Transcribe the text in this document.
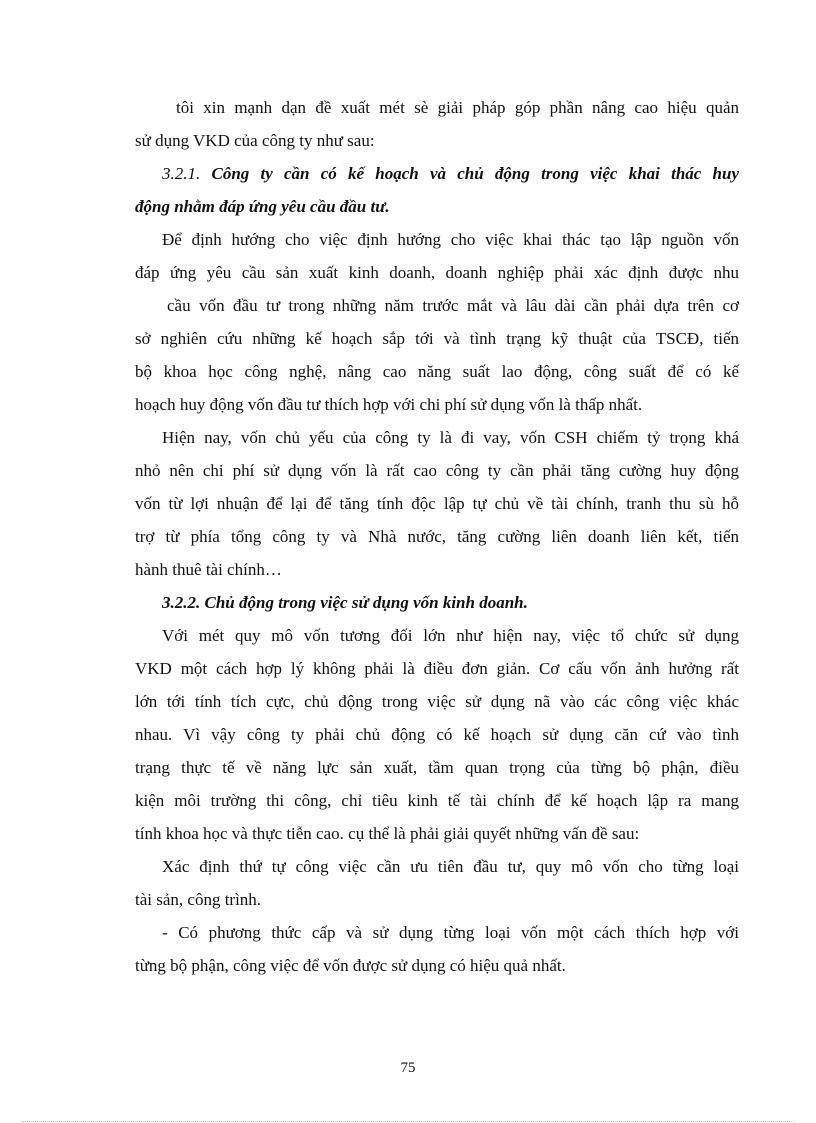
tôi xin mạnh dạn đề xuất mét sè giải pháp góp phần nâng cao hiệu quản
sử dụng VKD của công ty như sau:
3.2.1. Công ty cần có kế hoạch và chủ động trong việc khai thác huy
động nhằm đáp ứng yêu cầu đầu tư.
Để định hướng cho việc định hướng cho việc khai thác tạo lập nguồn vốn
đáp ứng yêu cầu sản xuất kinh doanh, doanh nghiệp phải xác định được nhu
cầu vốn đầu tư trong những năm trước mắt và lâu dài cần phải dựa trên cơ
sở nghiên cứu những kế hoạch sắp tới và tình trạng kỹ thuật của TSCĐ, tiến
bộ khoa học công nghệ, nâng cao năng suất lao động, công suất để có kế
hoạch huy động vốn đầu tư thích hợp với chi phí sử dụng vốn là thấp nhất.
Hiện nay, vốn chủ yếu của công ty là đi vay, vốn CSH chiếm tỷ trọng khá
nhỏ nên chi phí sử dụng vốn là rất cao công ty cần phải tăng cường huy động
vốn từ lợi nhuận để lại để tăng tính độc lập tự chủ về tài chính, tranh thu sù hỗ
trợ từ phía tổng công ty và Nhà nước, tăng cường liên doanh liên kết, tiến
hành thuê tài chính…
3.2.2. Chủ động trong việc sử dụng vốn kinh doanh.
Với mét quy mô vốn tương đối lớn như hiện nay, việc tổ chức sử dụng
VKD một cách hợp lý không phải là điều đơn giản. Cơ cấu vốn ảnh hưởng rất
lớn tới tính tích cực, chủ động trong việc sử dụng nã vào các công việc khác
nhau. Vì vậy công ty phải chủ động có kế hoạch sử dụng căn cứ vào tình
trạng thực tế về năng lực sản xuất, tầm quan trọng của từng bộ phận, điều
kiện môi trường thi công, chỉ tiêu kinh tế tài chính để kế hoạch lập ra mang
tính khoa học và thực tiễn cao. cụ thể là phải giải quyết những vấn đề sau:
Xác định thứ tự công việc cần ưu tiên đầu tư, quy mô vốn cho từng loại
tài sản, công trình.
- Có phương thức cấp và sử dụng từng loại vốn một cách thích hợp với
từng bộ phận, công việc để vốn được sử dụng có hiệu quả nhất.
75
